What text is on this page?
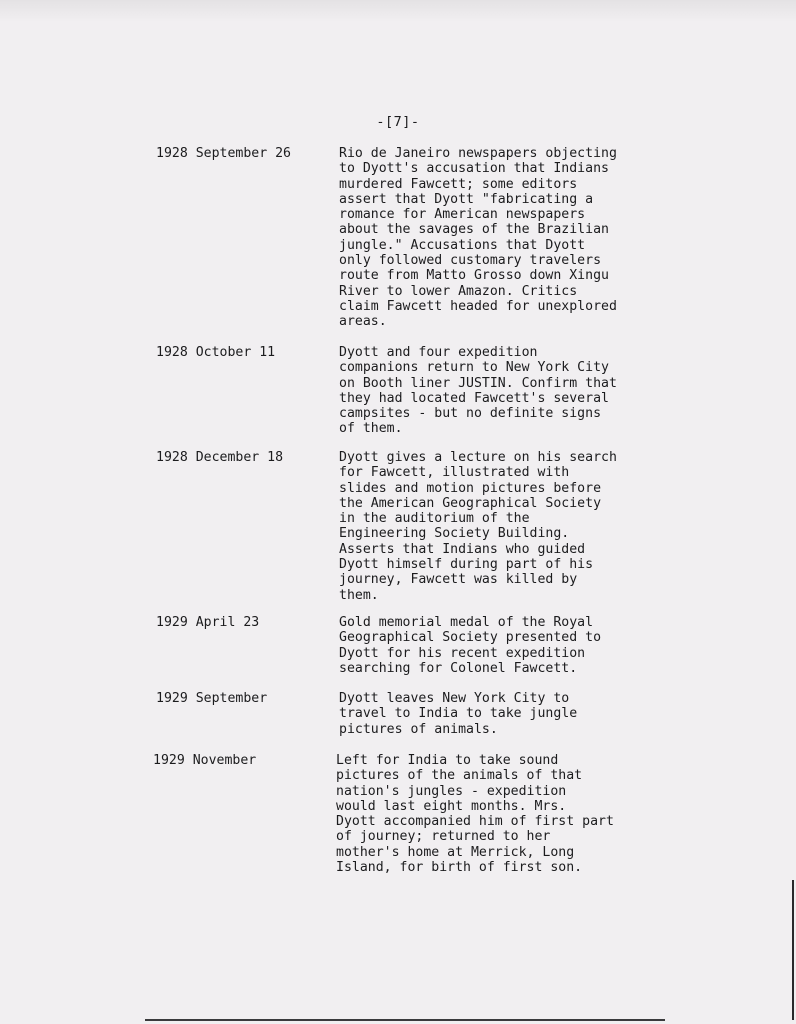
-[7]-
1928 September 26	Rio de Janeiro newspapers objecting
to Dyott's accusation that Indians
murdered Fawcett; some editors
assert that Dyott "fabricating a
romance for American newspapers
about the savages of the Brazilian
jungle." Accusations that Dyott
only followed customary travelers
route from Matto Grosso down Xingu
River to lower Amazon. Critics
claim Fawcett headed for unexplored
areas.
1928 October 11	Dyott and four expedition
companions return to New York City
on Booth liner JUSTIN. Confirm that
they had located Fawcett's several
campsites - but no definite signs
of them.
1928 December 18	Dyott gives a lecture on his search
for Fawcett, illustrated with
slides and motion pictures before
the American Geographical Society
in the auditorium of the
Engineering Society Building.
Asserts that Indians who guided
Dyott himself during part of his
journey, Fawcett was killed by
them.
1929 April 23	Gold memorial medal of the Royal
Geographical Society presented to
Dyott for his recent expedition
searching for Colonel Fawcett.
1929 September	Dyott leaves New York City to
travel to India to take jungle
pictures of animals.
1929 November	Left for India to take sound
pictures of the animals of that
nation's jungles - expedition
would last eight months. Mrs.
Dyott accompanied him of first part
of journey; returned to her
mother's home at Merrick, Long
Island, for birth of first son.
